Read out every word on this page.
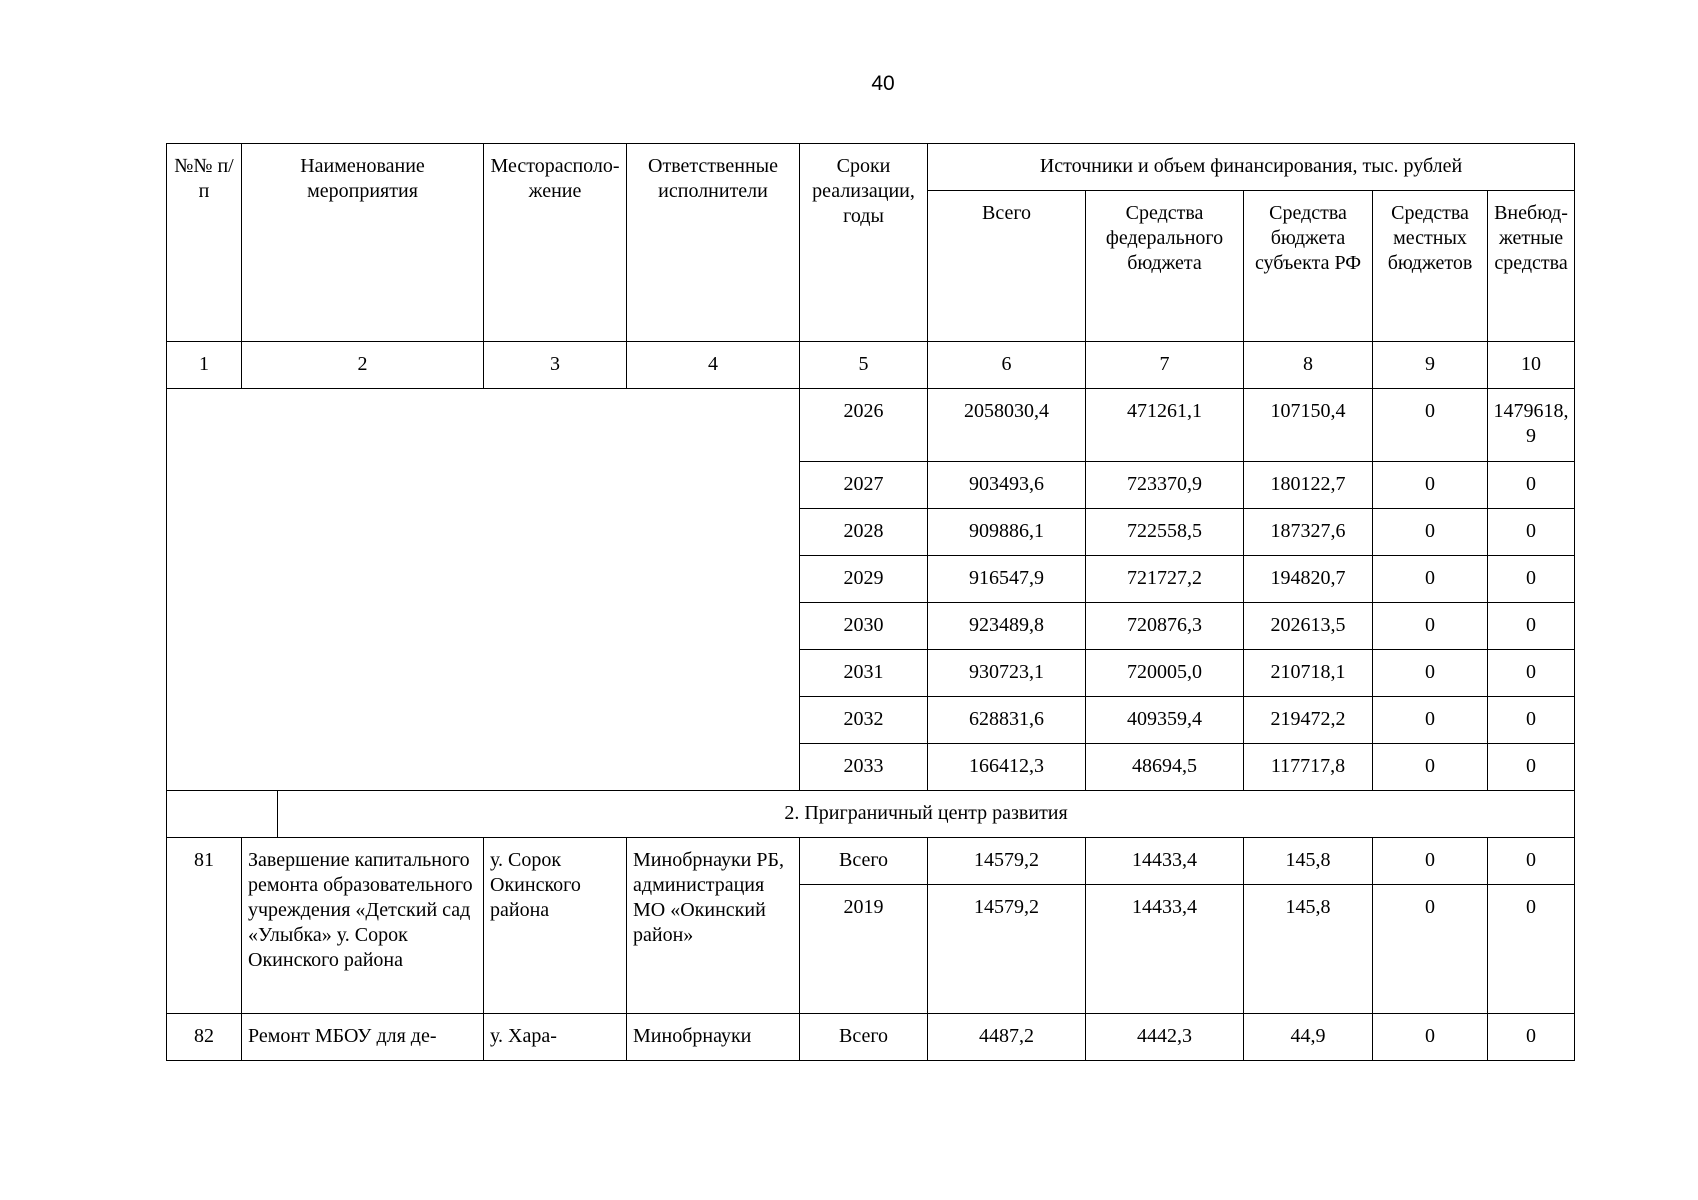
40
№№ п/п	Наименование мероприятия		Месторасположение	Ответственные исполнители	Сроки реализации, годы	Источники и объем финансирования, тыс. рублей				
						Всего	Средства федерального бюджета	Средства бюджета субъекта РФ	Средства местных бюджетов	Внебюджетные средства
1	2		3	4	5	6	7	8	9	10
					2026	2058030,4	471261,1	107150,4	0	1479618,9
					2027	903493,6	723370,9	180122,7	0	0
					2028	909886,1	722558,5	187327,6	0	0
					2029	916547,9	721727,2	194820,7	0	0
					2030	923489,8	720876,3	202613,5	0	0
					2031	930723,1	720005,0	210718,1	0	0
					2032	628831,6	409359,4	219472,2	0	0
					2033	166412,3	48694,5	117717,8	0	0
		2. Приграничный центр развития								
81	Завершение капитального ремонта образовательного учреждения «Детский сад «Улыбка» у. Сорок Окинского района		у. Сорок Окинского района	Минобрнауки РБ, администрация МО «Окинский район»	Всего	14579,2	14433,4	145,8	0	0
					2019	14579,2	14433,4	145,8	0	0
82	Ремонт МБОУ для де-		у. Хара-	Минобрнауки	Всего	4487,2	4442,3	44,9	0	0
